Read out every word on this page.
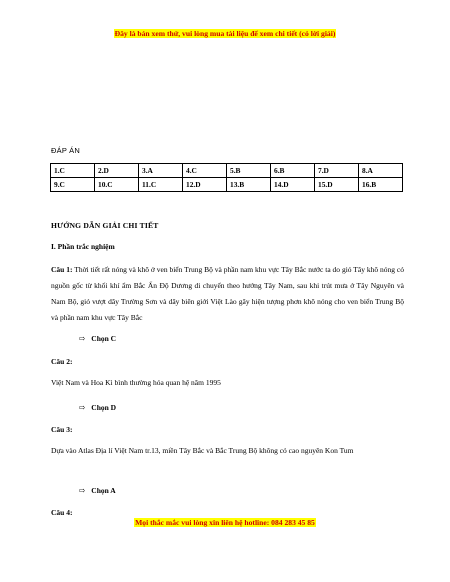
Đây là bản xem thử, vui lòng mua tài liệu để xem chi tiết (có lời giải)
ĐÁP ÁN
1.C	2.D	3.A	4.C	5.B	6.B	7.D	8.A
9.C	10.C	11.C	12.D	13.B	14.D	15.D	16.B
HƯỚNG DẪN GIẢI CHI TIẾT
I. Phần trắc nghiệm
Câu 1: Thời tiết rất nóng và khô ở ven biển Trung Bộ và phần nam khu vực Tây Bắc nước ta do gió Tây khô nóng có nguồn gốc từ khối khí ẩm Bắc Ấn Độ Dương di chuyển theo hướng Tây Nam, sau khi trút mưa ở Tây Nguyên và Nam Bộ, gió vượt dãy Trường Sơn và dãy biên giới Việt Lào gây hiện tượng phơn khô nóng cho ven biển Trung Bộ và phần nam khu vực Tây Bắc
⇨ Chọn C
Câu 2:
Việt Nam và Hoa Kì bình thường hóa quan hệ năm 1995
⇨ Chọn D
Câu 3:
Dựa vào Atlas Địa lí Việt Nam tr.13, miền Tây Bắc và Bắc Trung Bộ không có cao nguyên Kon Tum
⇨ Chọn A
Câu 4:
Mọi thắc mắc vui lòng xin liên hệ hotline: 084 283 45 85
